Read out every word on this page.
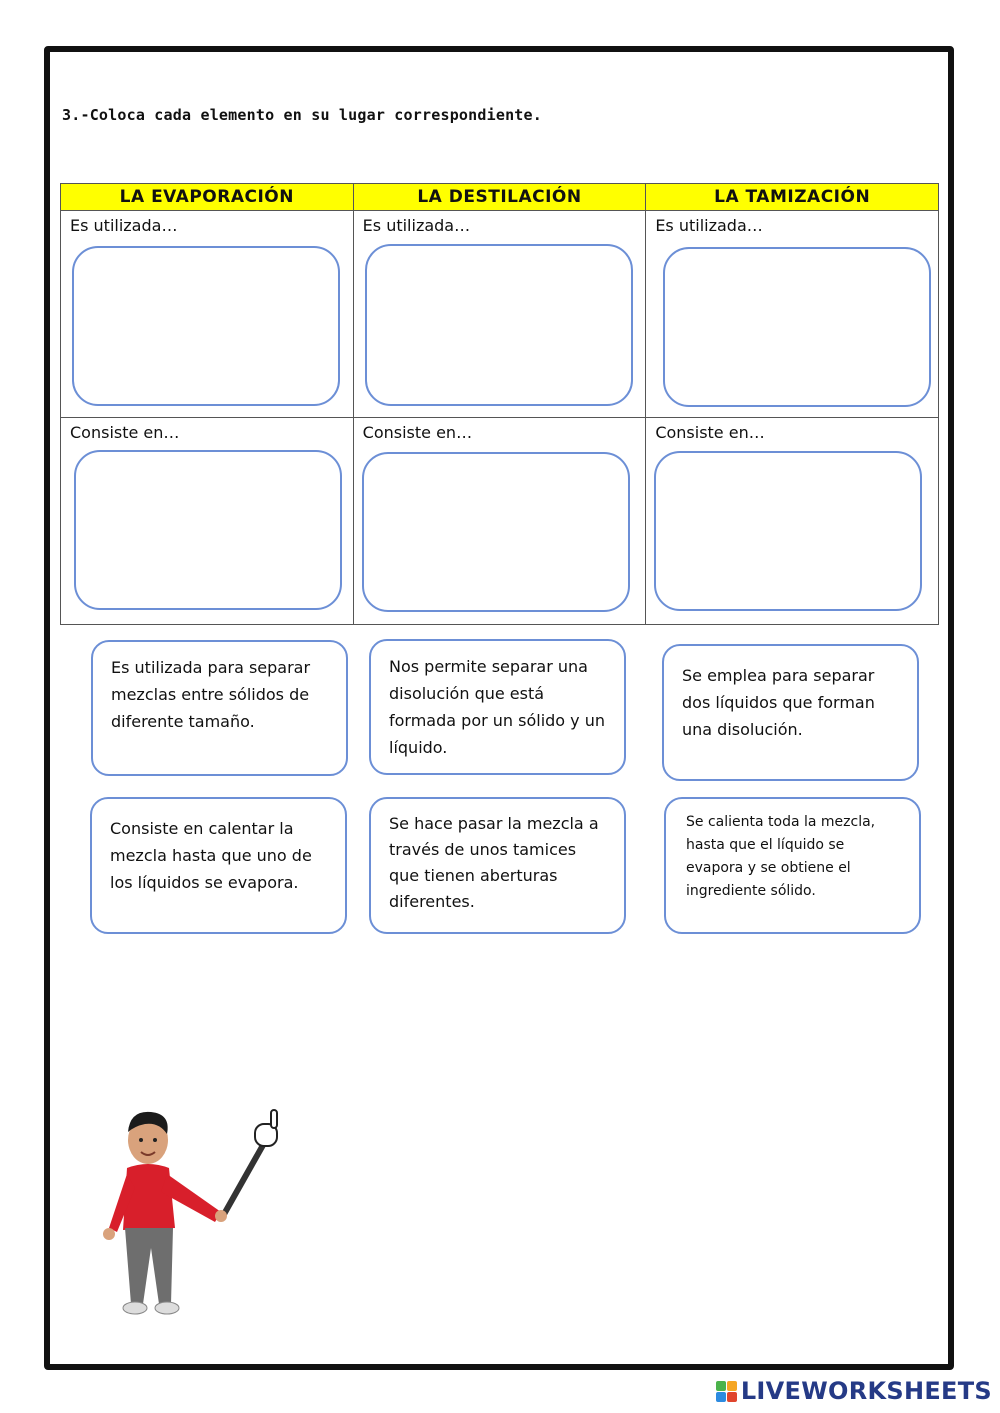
3.-Coloca cada elemento en su lugar correspondiente.
LA EVAPORACIÓN	LA DESTILACIÓN	LA TAMIZACIÓN

Es utilizada…	Es utilizada…	Es utilizada…

Consiste en…	Consiste en…	Consiste en…
Es utilizada para separar mezclas entre sólidos de diferente tamaño.
Nos permite separar una disolución que está formada por un sólido y un líquido.
Se emplea para separar dos líquidos que forman una disolución.
Consiste en calentar la mezcla hasta que uno de los líquidos se evapora.
Se hace pasar la mezcla a través de unos tamices que tienen aberturas diferentes.
Se calienta toda la mezcla, hasta que el líquido se evapora y se obtiene el ingrediente sólido.
LIVEWORKSHEETS
